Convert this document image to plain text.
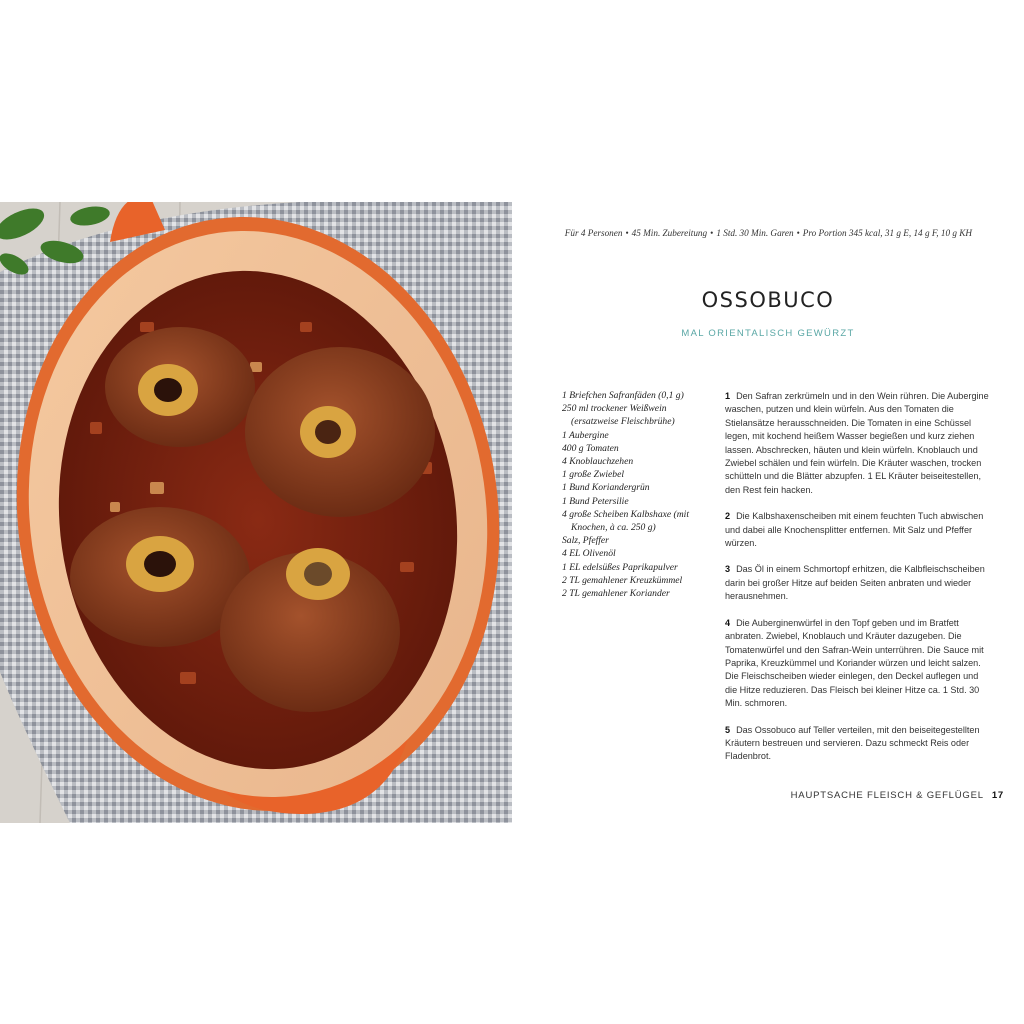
Für 4 Personen • 45 Min. Zubereitung • 1 Std. 30 Min. Garen • Pro Portion 345 kcal, 31 g E, 14 g F, 10 g KH
OSSOBUCO
MAL ORIENTALISCH GEWÜRZT
1 Briefchen Safranfäden (0,1 g)
250 ml trockener Weißwein (ersatzweise Fleischbrühe)
1 Aubergine
400 g Tomaten
4 Knoblauchzehen
1 große Zwiebel
1 Bund Koriandergrün
1 Bund Petersilie
4 große Scheiben Kalbshaxe (mit Knochen, à ca. 250 g)
Salz, Pfeffer
4 EL Olivenöl
1 EL edelsüßes Paprikapulver
2 TL gemahlener Kreuzkümmel
2 TL gemahlener Koriander

1 Den Safran zerkrümeln und in den Wein rühren. Die Aubergine waschen, putzen und klein würfeln. Aus den Tomaten die Stielansätze herausschneiden. Die Tomaten in eine Schüssel legen, mit kochend heißem Wasser begießen und kurz ziehen lassen. Abschrecken, häuten und klein würfeln. Knoblauch und Zwiebel schälen und fein würfeln. Die Kräuter waschen, trocken schütteln und die Blätter abzupfen. 1 EL Kräuter beiseitestellen, den Rest fein hacken.

2 Die Kalbshaxenscheiben mit einem feuchten Tuch abwischen und dabei alle Knochensplitter entfernen. Mit Salz und Pfeffer würzen.

3 Das Öl in einem Schmortopf erhitzen, die Kalbfleischscheiben darin bei großer Hitze auf beiden Seiten anbraten und wieder herausnehmen.

4 Die Auberginenwürfel in den Topf geben und im Bratfett anbraten. Zwiebel, Knoblauch und Kräuter dazugeben. Die Tomatenwürfel und den Safran-Wein unterrühren. Die Sauce mit Paprika, Kreuzkümmel und Koriander würzen und leicht salzen. Die Fleischscheiben wieder einlegen, den Deckel auflegen und die Hitze reduzieren. Das Fleisch bei kleiner Hitze ca. 1 Std. 30 Min. schmoren.

5 Das Ossobuco auf Teller verteilen, mit den beiseitegestellten Kräutern bestreuen und servieren. Dazu schmeckt Reis oder Fladenbrot.

HAUPTSACHE FLEISCH & GEFLÜGEL 17
